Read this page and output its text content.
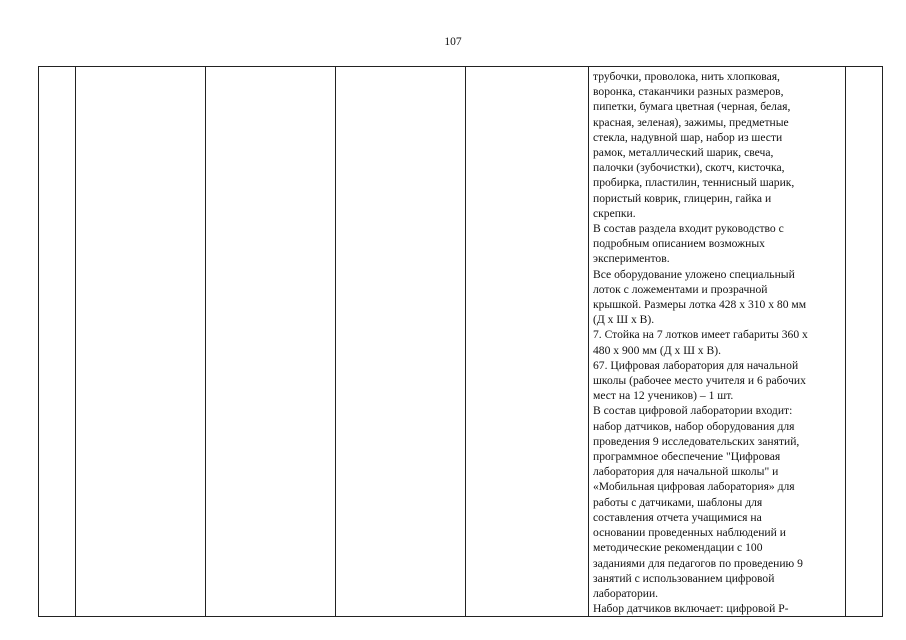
107

трубочки, проволока, нить хлопковая,
воронка, стаканчики разных размеров,
пипетки, бумага цветная (черная, белая,
красная, зеленая), зажимы, предметные
стекла, надувной шар, набор из шести
рамок, металлический шарик, свеча,
палочки (зубочистки), скотч, кисточка,
пробирка, пластилин, теннисный шарик,
пористый коврик, глицерин, гайка и
скрепки.
В состав раздела входит руководство с
подробным описанием возможных
экспериментов.
Все оборудование уложено специальный
лоток с ложементами и прозрачной
крышкой. Размеры лотка 428 х 310 х 80 мм
(Д х Ш х В).
7. Стойка на 7 лотков имеет габариты 360 х
480 х 900 мм (Д х Ш х В).
67. Цифровая лаборатория для начальной
школы (рабочее место учителя и 6 рабочих
мест на 12 учеников) – 1 шт.
В состав цифровой лаборатории входит:
набор датчиков, набор оборудования для
проведения 9 исследовательских занятий,
программное обеспечение "Цифровая
лаборатория для начальной школы" и
«Мобильная цифровая лаборатория» для
работы с датчиками, шаблоны для
составления отчета учащимися на
основании проведенных наблюдений и
методические рекомендации с 100
заданиями для педагогов по проведению 9
занятий с использованием цифровой
лаборатории.
Набор датчиков включает: цифровой Р-
